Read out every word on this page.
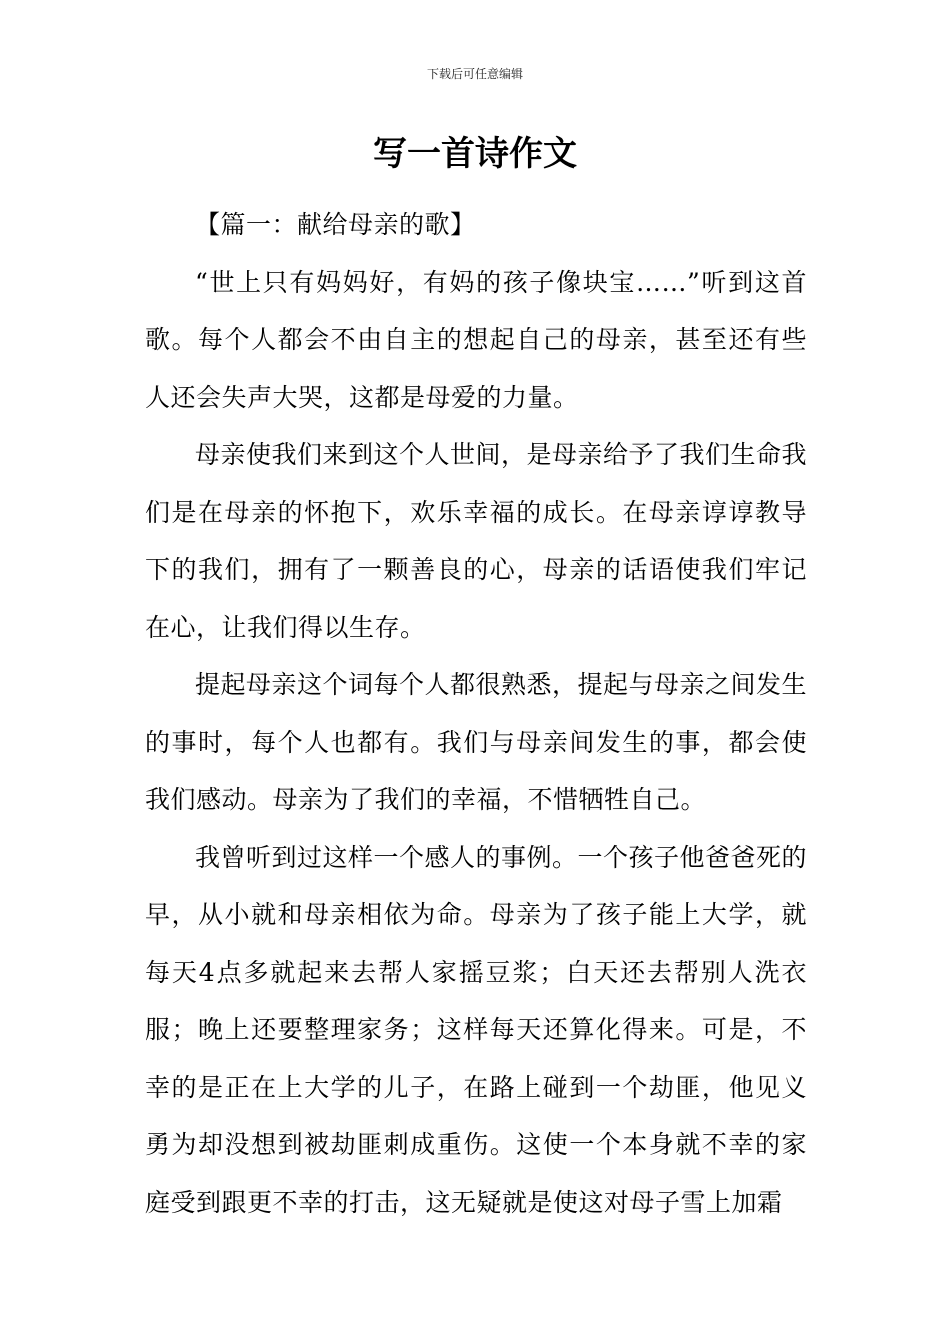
下载后可任意编辑
写一首诗作文

【篇一：献给母亲的歌】

“世上只有妈妈好，有妈的孩子像块宝……”听到这首歌。每个人都会不由自主的想起自己的母亲，甚至还有些人还会失声大哭，这都是母爱的力量。

母亲使我们来到这个人世间，是母亲给予了我们生命我们是在母亲的怀抱下，欢乐幸福的成长。在母亲谆谆教导下的我们，拥有了一颗善良的心，母亲的话语使我们牢记在心，让我们得以生存。

提起母亲这个词每个人都很熟悉，提起与母亲之间发生的事时，每个人也都有。我们与母亲间发生的事，都会使我们感动。母亲为了我们的幸福，不惜牺牲自己。

我曾听到过这样一个感人的事例。一个孩子他爸爸死的早，从小就和母亲相依为命。母亲为了孩子能上大学，就每天4点多就起来去帮人家摇豆浆；白天还去帮别人洗衣服；晚上还要整理家务；这样每天还算化得来。可是，不幸的是正在上大学的儿子，在路上碰到一个劫匪，他见义勇为却没想到被劫匪刺成重伤。这使一个本身就不幸的家庭受到跟更不幸的打击，这无疑就是使这对母子雪上加霜
